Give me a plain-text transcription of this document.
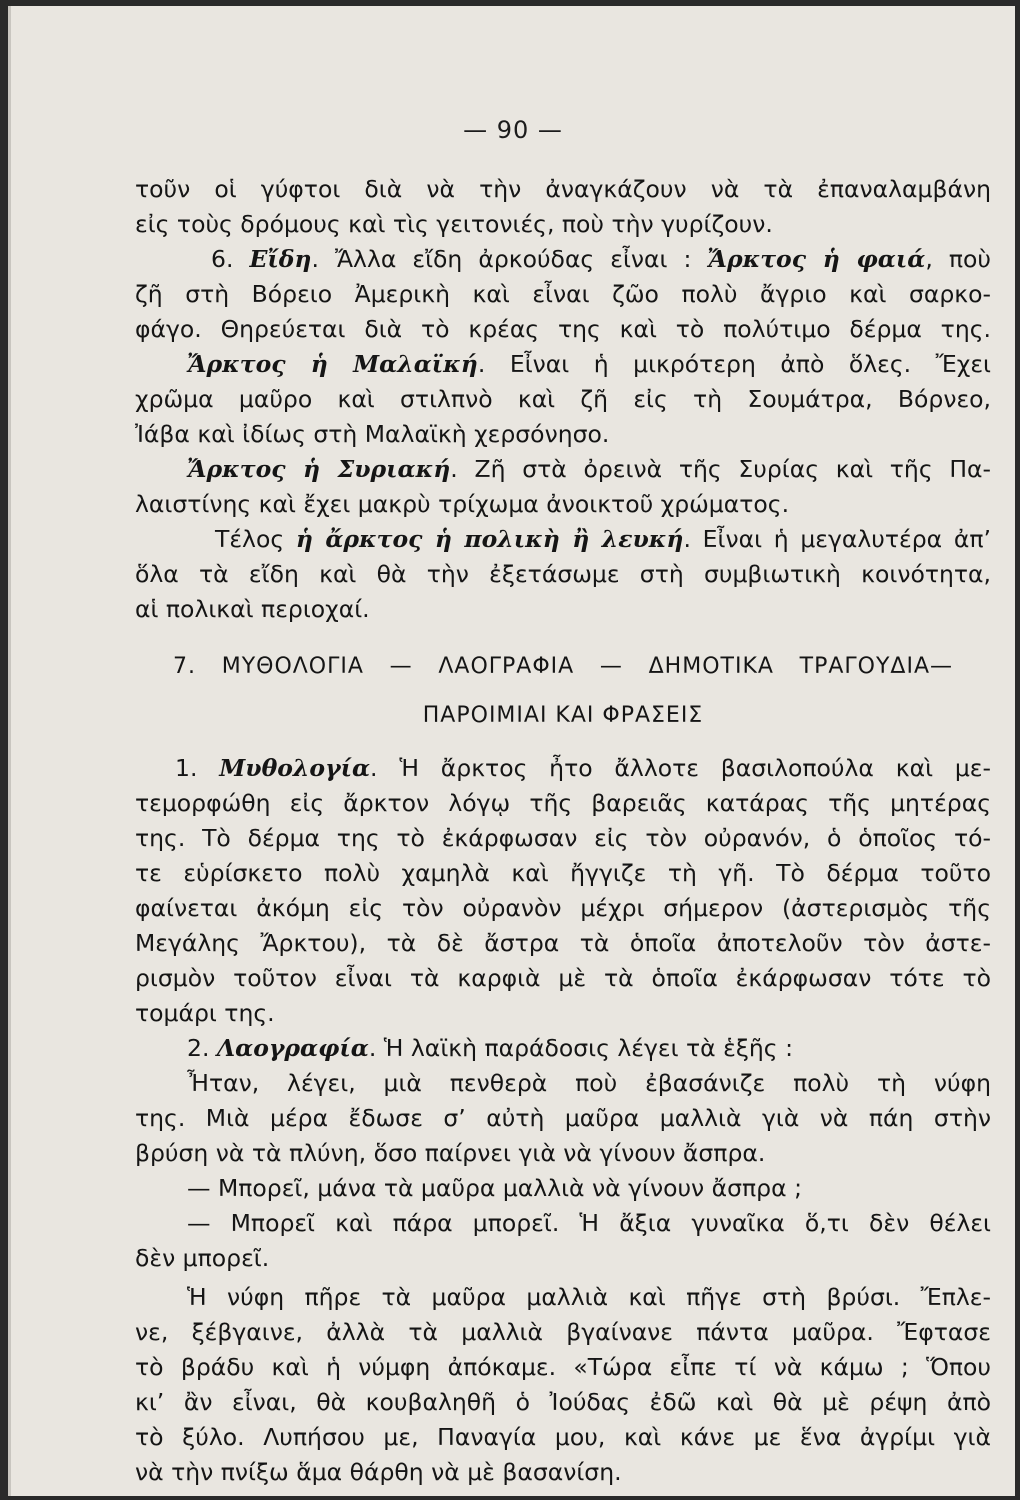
— 90 —
τοῦν οἱ γύφτοι διὰ νὰ τὴν ἀναγκάζουν νὰ τὰ ἐπαναλαμβάνη
εἰς τοὺς δρόμους καὶ τὶς γειτονιές, ποὺ τὴν γυρίζουν.
6. Εἴδη. Ἄλλα εἴδη ἀρκούδας εἶναι : Ἄρκτος ἡ φαιά, ποὺ
ζῆ στὴ Βόρειο Ἀμερικὴ καὶ εἶναι ζῶο πολὺ ἄγριο καὶ σαρκο-
φάγο. Θηρεύεται διὰ τὸ κρέας της καὶ τὸ πολύτιμο δέρμα της.
Ἄρκτος ἡ Μαλαϊκή. Εἶναι ἡ μικρότερη ἀπὸ ὅλες. Ἔχει
χρῶμα μαῦρο καὶ στιλπνὸ καὶ ζῆ εἰς τὴ Σουμάτρα, Βόρνεο,
Ἰάβα καὶ ἰδίως στὴ Μαλαϊκὴ χερσόνησο.
Ἄρκτος ἡ Συριακή. Ζῆ στὰ ὀρεινὰ τῆς Συρίας καὶ τῆς Πα-
λαιστίνης καὶ ἔχει μακρὺ τρίχωμα ἀνοικτοῦ χρώματος.
Τέλος ἡ ἄρκτος ἡ πολικὴ ἢ λευκή. Εἶναι ἡ μεγαλυτέρα ἀπ’
ὅλα τὰ εἴδη καὶ θὰ τὴν ἐξετάσωμε στὴ συμβιωτικὴ κοινότητα,
αἱ πολικαὶ περιοχαί.
7. ΜΥΘΟΛΟΓΙΑ — ΛΑΟΓΡΑΦΙΑ — ΔΗΜΟΤΙΚΑ ΤΡΑΓΟΥΔΙΑ—
ΠΑΡΟΙΜΙΑΙ ΚΑΙ ΦΡΑΣΕΙΣ
1. Μυθολογία. Ἡ ἄρκτος ἦτο ἄλλοτε βασιλοπούλα καὶ με-
τεμορφώθη εἰς ἄρκτον λόγῳ τῆς βαρειᾶς κατάρας τῆς μητέρας
της. Τὸ δέρμα της τὸ ἐκάρφωσαν εἰς τὸν οὐρανόν, ὁ ὁποῖος τό-
τε εὑρίσκετο πολὺ χαμηλὰ καὶ ἤγγιζε τὴ γῆ. Τὸ δέρμα τοῦτο
φαίνεται ἀκόμη εἰς τὸν οὐρανὸν μέχρι σήμερον (ἀστερισμὸς τῆς
Μεγάλης Ἄρκτου), τὰ δὲ ἄστρα τὰ ὁποῖα ἀποτελοῦν τὸν ἀστε-
ρισμὸν τοῦτον εἶναι τὰ καρφιὰ μὲ τὰ ὁποῖα ἐκάρφωσαν τότε τὸ
τομάρι της.
2. Λαογραφία. Ἡ λαϊκὴ παράδοσις λέγει τὰ ἑξῆς :
Ἦταν, λέγει, μιὰ πενθερὰ ποὺ ἐβασάνιζε πολὺ τὴ νύφη
της. Μιὰ μέρα ἔδωσε σ’ αὐτὴ μαῦρα μαλλιὰ γιὰ νὰ πάη στὴν
βρύση νὰ τὰ πλύνη, ὅσο παίρνει γιὰ νὰ γίνουν ἄσπρα.
— Μπορεῖ, μάνα τὰ μαῦρα μαλλιὰ νὰ γίνουν ἄσπρα ;
— Μπορεῖ καὶ πάρα μπορεῖ. Ἡ ἄξια γυναῖκα ὅ,τι δὲν θέλει
δὲν μπορεῖ.
Ἡ νύφη πῆρε τὰ μαῦρα μαλλιὰ καὶ πῆγε στὴ βρύσι. Ἔπλε-
νε, ξέβγαινε, ἀλλὰ τὰ μαλλιὰ βγαίνανε πάντα μαῦρα. Ἔφτασε
τὸ βράδυ καὶ ἡ νύμφη ἀπόκαμε. «Τώρα εἶπε τί νὰ κάμω ; Ὅπου
κι’ ἂν εἶναι, θὰ κουβαληθῆ ὁ Ἰούδας ἐδῶ καὶ θὰ μὲ ρέψη ἀπὸ
τὸ ξύλο. Λυπήσου με, Παναγία μου, καὶ κάνε με ἕνα ἀγρίμι γιὰ
νὰ τὴν πνίξω ἅμα θάρθη νὰ μὲ βασανίση.
